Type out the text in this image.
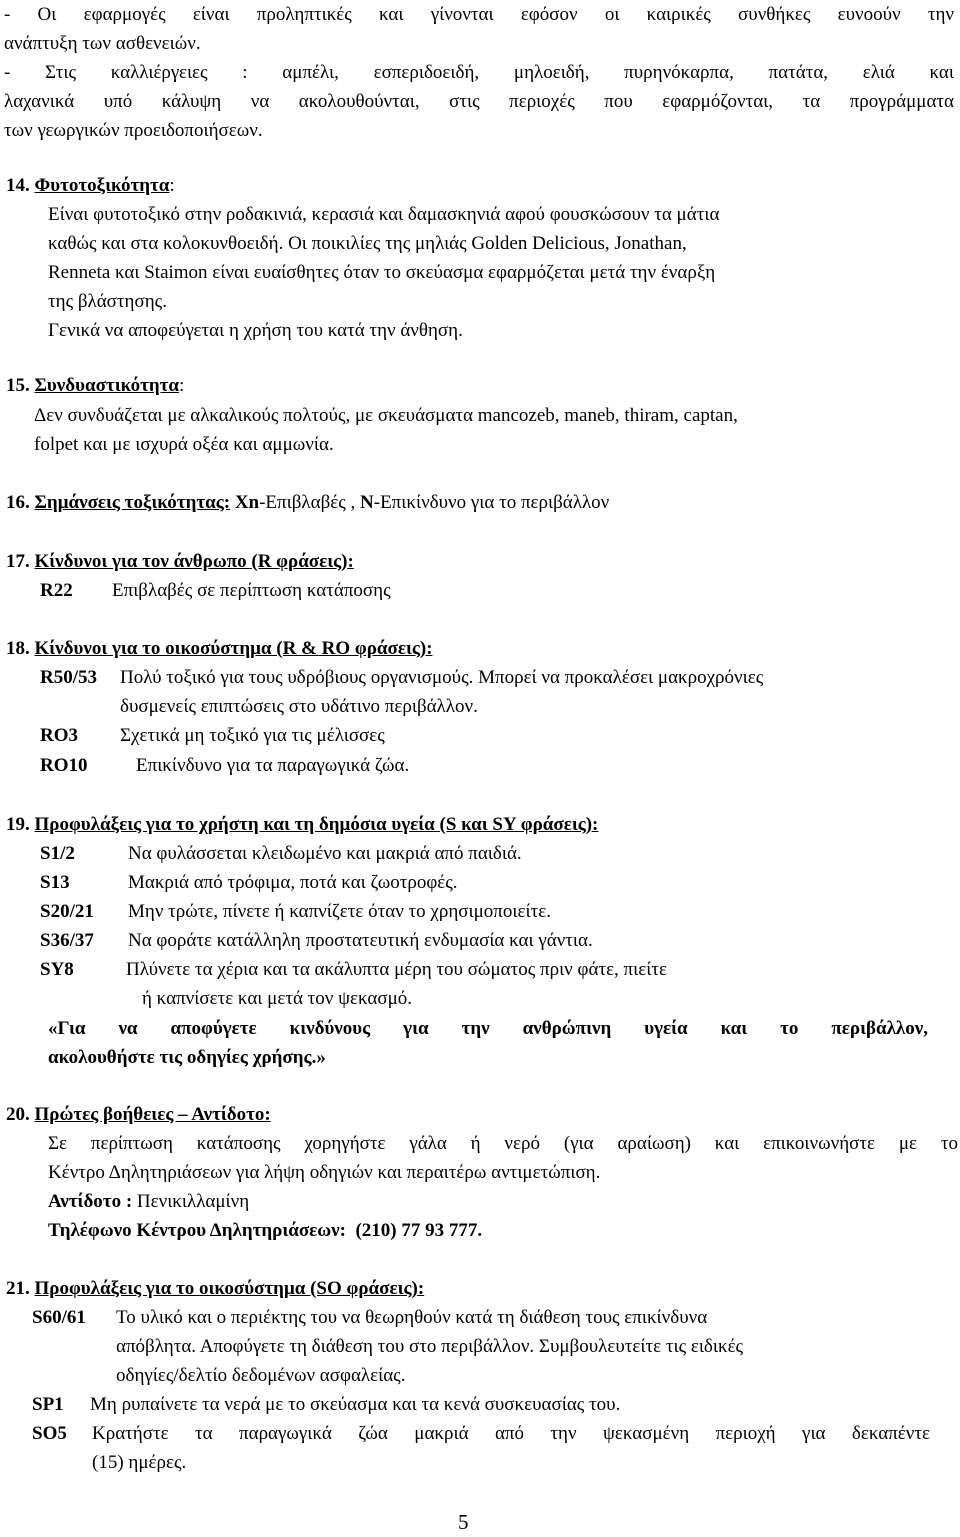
- Οι εφαρμογές είναι προληπτικές και γίνονται εφόσον οι καιρικές συνθήκες ευνοούν την
ανάπτυξη των ασθενειών.
- Στις καλλιέργειες : αμπέλι, εσπεριδοειδή, μηλοειδή, πυρηνόκαρπα, πατάτα, ελιά και
λαχανικά υπό κάλυψη να ακολουθούνται, στις περιοχές που εφαρμόζονται, τα προγράμματα
των γεωργικών προειδοποιήσεων.
14. Φυτοτοξικότητα:
Είναι φυτοτοξικό στην ροδακινιά, κερασιά και δαμασκηνιά αφού φουσκώσουν τα μάτια
καθώς και στα κολοκυνθοειδή. Οι ποικιλίες της μηλιάς Golden Delicious, Jonathan,
Renneta και Staimon είναι ευαίσθητες όταν το σκεύασμα εφαρμόζεται μετά την έναρξη
της βλάστησης.
Γενικά να αποφεύγεται η χρήση του κατά την άνθηση.
15. Συνδυαστικότητα:
Δεν συνδυάζεται με αλκαλικούς πολτούς, με σκευάσματα mancozeb, maneb, thiram, captan,
folpet και με ισχυρά οξέα και αμμωνία.
16. Σημάνσεις τοξικότητας: Xn-Επιβλαβές , N-Επικίνδυνο για το περιβάλλον
17. Κίνδυνοι για τον άνθρωπο (R φράσεις):
R22 Επιβλαβές σε περίπτωση κατάποσης
18. Κίνδυνοι για το οικοσύστημα (R & RO φράσεις):
R50/53 Πολύ τοξικό για τους υδρόβιους οργανισμούς. Μπορεί να προκαλέσει μακροχρόνιες
δυσμενείς επιπτώσεις στο υδάτινο περιβάλλον.
RO3 Σχετικά μη τοξικό για τις μέλισσες
RO10	Επικίνδυνο για τα παραγωγικά ζώα.
19. Προφυλάξεις για το χρήστη και τη δημόσια υγεία (S και SY φράσεις):
S1/2	Να φυλάσσεται κλειδωμένο και μακριά από παιδιά.
S13	Μακριά από τρόφιμα, ποτά και ζωοτροφές.
S20/21 Μην τρώτε, πίνετε ή καπνίζετε όταν το χρησιμοποιείτε.
S36/37 Να φοράτε κατάλληλη προστατευτική ενδυμασία και γάντια.
SY8	Πλύνετε τα χέρια και τα ακάλυπτα μέρη του σώματος πριν φάτε, πιείτε
ή καπνίσετε και μετά τον ψεκασμό.
«Για να αποφύγετε κινδύνους για την ανθρώπινη υγεία και το περιβάλλον,
ακολουθήστε τις οδηγίες χρήσης.»
20. Πρώτες βοήθειες – Αντίδοτο:
Σε περίπτωση κατάποσης χορηγήστε γάλα ή νερό (για αραίωση) και επικοινωνήστε με το
Κέντρο Δηλητηριάσεων για λήψη οδηγιών και περαιτέρω αντιμετώπιση.
Αντίδοτο : Πενικιλλαμίνη
Τηλέφωνο Κέντρου Δηλητηριάσεων:  (210) 77 93 777.
21. Προφυλάξεις για το οικοσύστημα (SO φράσεις):
S60/61 Το υλικό και ο περιέκτης του να θεωρηθούν κατά τη διάθεση τους επικίνδυνα
απόβλητα. Αποφύγετε τη διάθεση του στο περιβάλλον. Συμβουλευτείτε τις ειδικές
οδηγίες/δελτίο δεδομένων ασφαλείας.
SP1 Μη ρυπαίνετε τα νερά με το σκεύασμα και τα κενά συσκευασίας του.
SO5	Κρατήστε τα παραγωγικά ζώα μακριά από την ψεκασμένη περιοχή για δεκαπέντε
(15) ημέρες.
5
